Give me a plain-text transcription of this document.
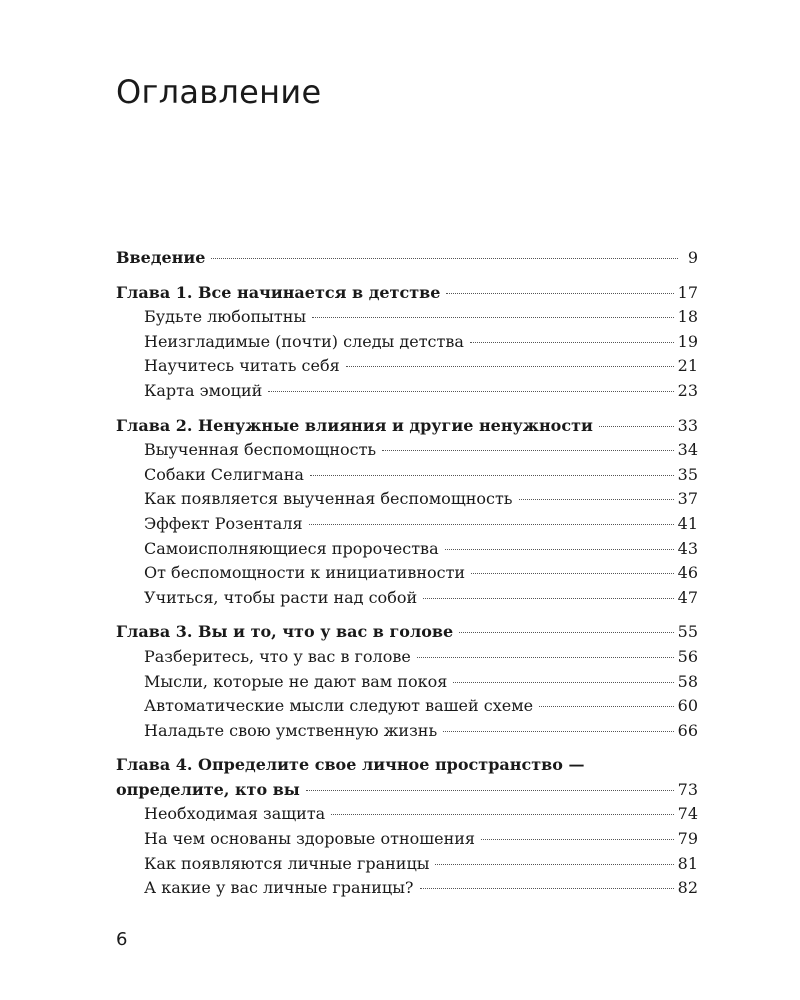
Оглавление
Введение	9
Глава 1. Все начинается в детстве	17
Будьте любопытны	18
Неизгладимые (почти) следы детства	19
Научитесь читать себя	21
Карта эмоций	23
Глава 2. Ненужные влияния и другие ненужности	33
Выученная беспомощность	34
Собаки Селигмана	35
Как появляется выученная беспомощность	37
Эффект Розенталя	41
Самоисполняющиеся пророчества	43
От беспомощности к инициативности	46
Учиться, чтобы расти над собой	47
Глава 3. Вы и то, что у вас в голове	55
Разберитесь, что у вас в голове	56
Мысли, которые не дают вам покоя	58
Автоматические мысли следуют вашей схеме	60
Наладьте свою умственную жизнь	66
Глава 4. Определите свое личное пространство —
определите, кто вы	73
Необходимая защита	74
На чем основаны здоровые отношения	79
Как появляются личные границы	81
А какие у вас личные границы?	82
6
